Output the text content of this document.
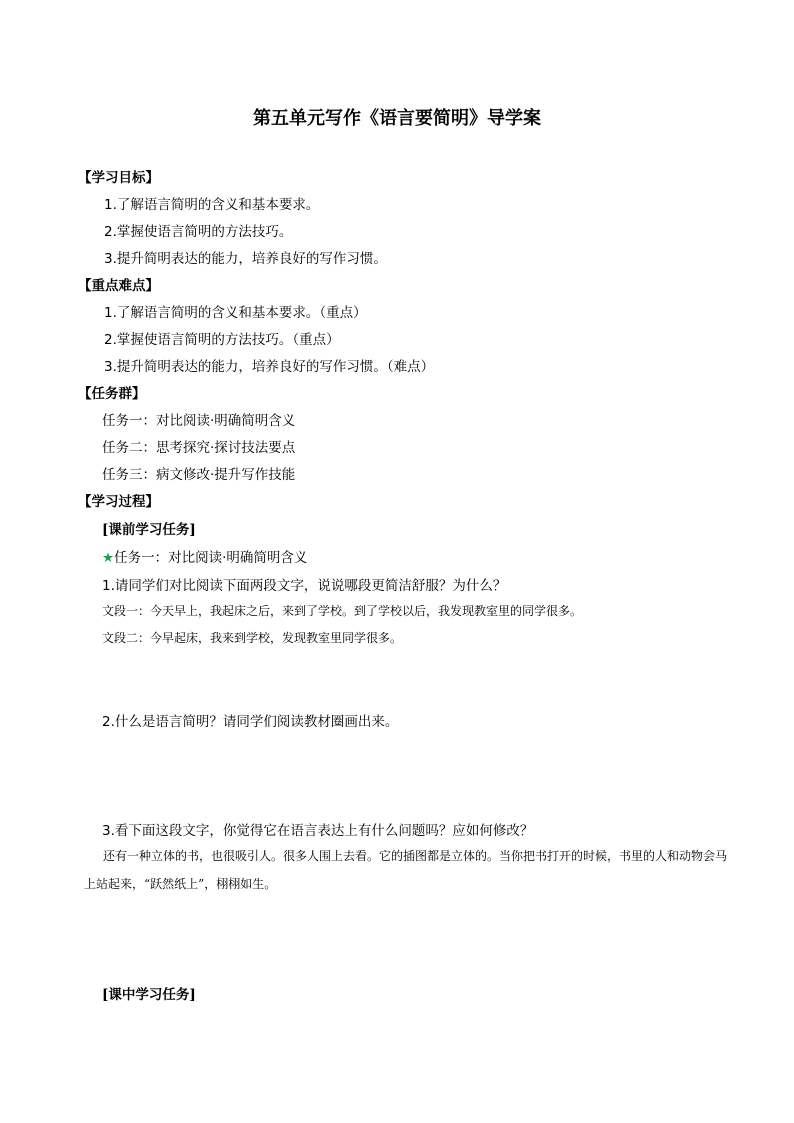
第五单元写作《语言要简明》导学案
【学习目标】
1.了解语言简明的含义和基本要求。
2.掌握使语言简明的方法技巧。
3.提升简明表达的能力，培养良好的写作习惯。
【重点难点】
1.了解语言简明的含义和基本要求。（重点）
2.掌握使语言简明的方法技巧。（重点）
3.提升简明表达的能力，培养良好的写作习惯。（难点）
【任务群】
任务一：对比阅读·明确简明含义
任务二：思考探究·探讨技法要点
任务三：病文修改·提升写作技能
【学习过程】
[课前学习任务]
★任务一：对比阅读·明确简明含义
1.请同学们对比阅读下面两段文字，说说哪段更简洁舒服？为什么？
文段一：今天早上，我起床之后，来到了学校。到了学校以后，我发现教室里的同学很多。
文段二：今早起床，我来到学校，发现教室里同学很多。
2.什么是语言简明？请同学们阅读教材圈画出来。
3.看下面这段文字，你觉得它在语言表达上有什么问题吗？应如何修改？
还有一种立体的书，也很吸引人。很多人围上去看。它的插图都是立体的。当你把书打开的时候，书里的人和动物会马上站起来，“跃然纸上”，栩栩如生。
[课中学习任务]
